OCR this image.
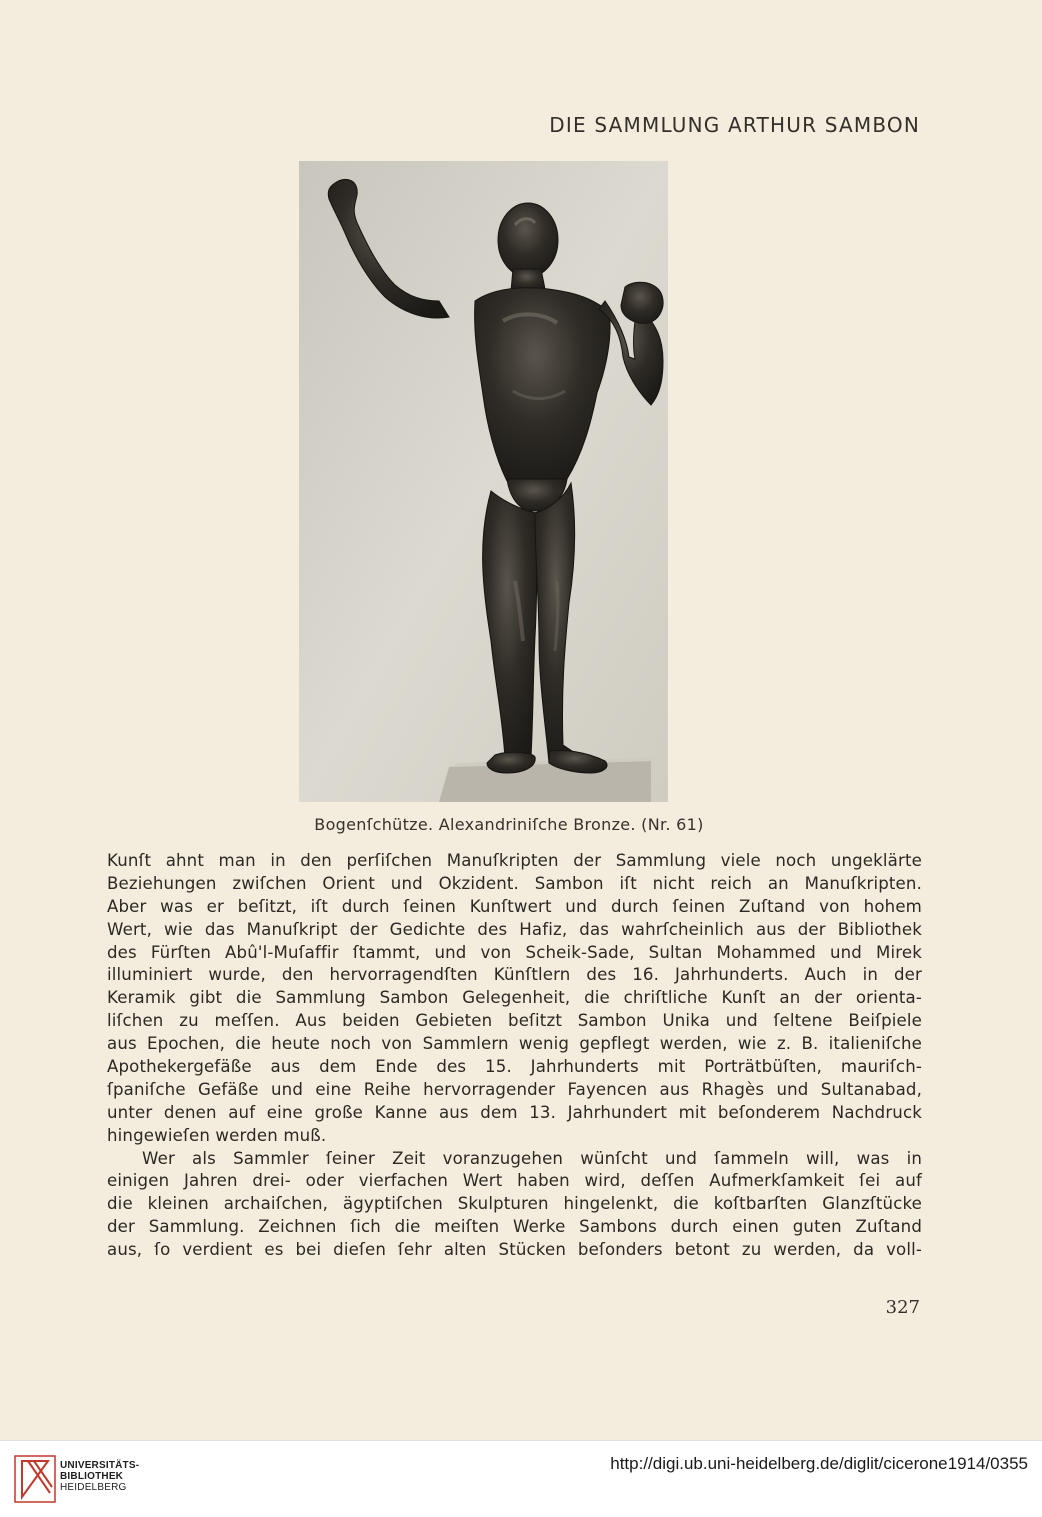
DIE SAMMLUNG ARTHUR SAMBON
Bogenſchütze. Alexandriniſche Bronze. (Nr. 61)
Kunſt ahnt man in den perſiſchen Manuſkripten der Sammlung viele noch ungeklärte
Beziehungen zwiſchen Orient und Okzident. Sambon iſt nicht reich an Manuſkripten.
Aber was er beſitzt, iſt durch ſeinen Kunſtwert und durch ſeinen Zuſtand von hohem
Wert, wie das Manuſkript der Gedichte des Hafiz, das wahrſcheinlich aus der Bibliothek
des Fürſten Abû'l-Muſaffir ſtammt, und von Scheik-Sade, Sultan Mohammed und Mirek
illuminiert wurde, den hervorragendſten Künſtlern des 16. Jahrhunderts. Auch in der
Keramik gibt die Sammlung Sambon Gelegenheit, die chriſtliche Kunſt an der orienta-
liſchen zu meſſen. Aus beiden Gebieten beſitzt Sambon Unika und ſeltene Beiſpiele
aus Epochen, die heute noch von Sammlern wenig gepflegt werden, wie z. B. italieniſche
Apothekergefäße aus dem Ende des 15. Jahrhunderts mit Porträtbüſten, mauriſch-
ſpaniſche Gefäße und eine Reihe hervorragender Fayencen aus Rhagès und Sultanabad,
unter denen auf eine große Kanne aus dem 13. Jahrhundert mit beſonderem Nachdruck
hingewieſen werden muß.
Wer als Sammler ſeiner Zeit voranzugehen wünſcht und ſammeln will, was in
einigen Jahren drei- oder vierfachen Wert haben wird, deſſen Aufmerkſamkeit ſei auf
die kleinen archaiſchen, ägyptiſchen Skulpturen hingelenkt, die koſtbarſten Glanzſtücke
der Sammlung. Zeichnen ſich die meiſten Werke Sambons durch einen guten Zuſtand
aus, ſo verdient es bei dieſen ſehr alten Stücken beſonders betont zu werden, da voll-
327
UNIVERSITÄTS-
BIBLIOTHEK
HEIDELBERG
http://digi.ub.uni-heidelberg.de/diglit/cicerone1914/0355
